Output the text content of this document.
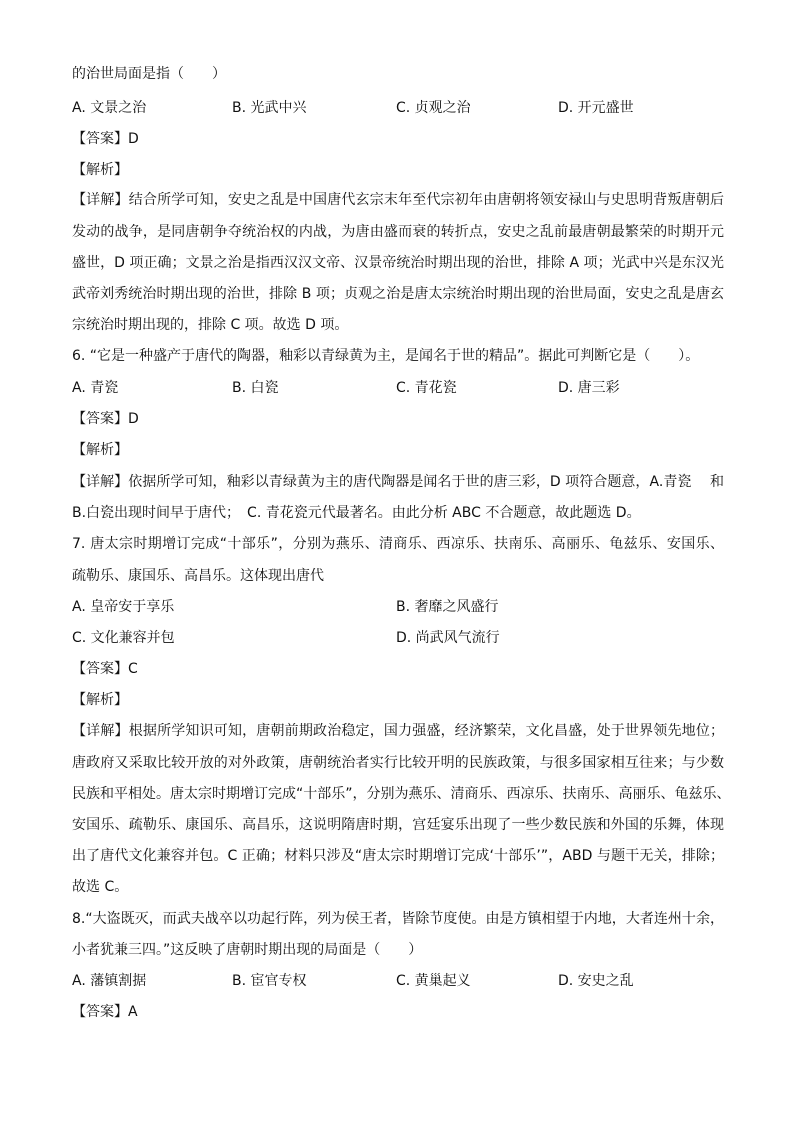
的治世局面是指（　　）
A. 文景之治	B. 光武中兴	C. 贞观之治	D. 开元盛世
【答案】D
【解析】
【详解】结合所学可知，安史之乱是中国唐代玄宗末年至代宗初年由唐朝将领安禄山与史思明背叛唐朝后
发动的战争，是同唐朝争夺统治权的内战，为唐由盛而衰的转折点，安史之乱前最唐朝最繁荣的时期开元
盛世，D 项正确；文景之治是指西汉汉文帝、汉景帝统治时期出现的治世，排除 A 项；光武中兴是东汉光
武帝刘秀统治时期出现的治世，排除 B 项；贞观之治是唐太宗统治时期出现的治世局面，安史之乱是唐玄
宗统治时期出现的，排除 C 项。故选 D 项。
6. “它是一种盛产于唐代的陶器，釉彩以青绿黄为主，是闻名于世的精品”。据此可判断它是（　　）。
A. 青瓷	B. 白瓷	C. 青花瓷	D. 唐三彩
【答案】D
【解析】
【详解】依据所学可知，釉彩以青绿黄为主的唐代陶器是闻名于世的唐三彩，D 项符合题意，A.青瓷　 和
B.白瓷出现时间早于唐代；　C. 青花瓷元代最著名。由此分析 ABC 不合题意，故此题选 D。
7. 唐太宗时期增订完成“十部乐”，分别为燕乐、清商乐、西凉乐、扶南乐、高丽乐、龟兹乐、安国乐、
疏勒乐、康国乐、高昌乐。这体现出唐代
A. 皇帝安于享乐	B. 奢靡之风盛行
C. 文化兼容并包	D. 尚武风气流行
【答案】C
【解析】
【详解】根据所学知识可知，唐朝前期政治稳定，国力强盛，经济繁荣，文化昌盛，处于世界领先地位；
唐政府又采取比较开放的对外政策，唐朝统治者实行比较开明的民族政策，与很多国家相互往来；与少数
民族和平相处。唐太宗时期增订完成“十部乐”，分别为燕乐、清商乐、西凉乐、扶南乐、高丽乐、龟兹乐、
安国乐、疏勒乐、康国乐、高昌乐，这说明隋唐时期，宫廷宴乐出现了一些少数民族和外国的乐舞，体现
出了唐代文化兼容并包。C 正确；材料只涉及“唐太宗时期增订完成‘十部乐’”，ABD 与题干无关，排除；
故选 C。
8.“大盗既灭，而武夫战卒以功起行阵，列为侯王者，皆除节度使。由是方镇相望于内地，大者连州十余，
小者犹兼三四。”这反映了唐朝时期出现的局面是（　　）
A. 藩镇割据	B. 宦官专权	C. 黄巢起义	D. 安史之乱
【答案】A
